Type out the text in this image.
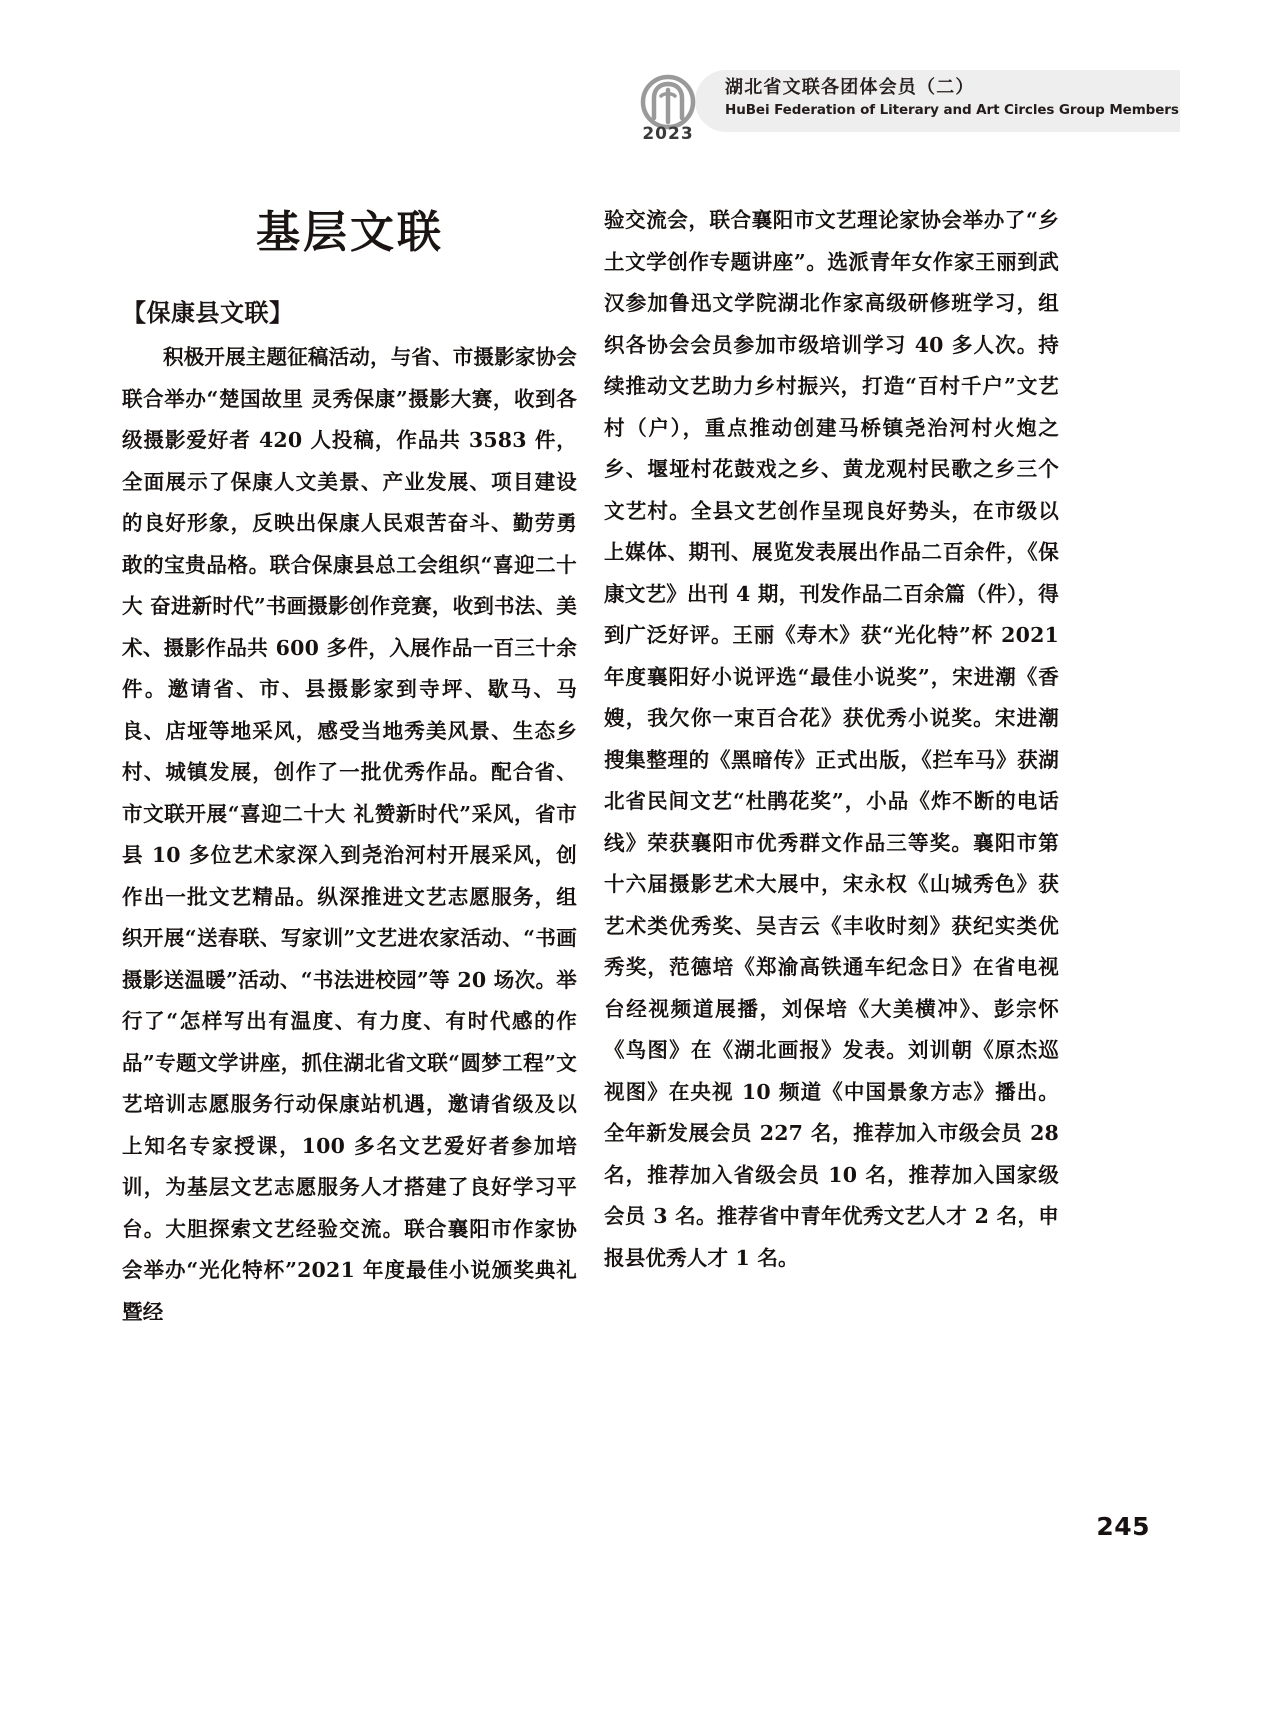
2023
湖北省文联各团体会员（二）
HuBei Federation of Literary and Art Circles Group Members
基层文联
【保康县文联】

积极开展主题征稿活动，与省、市摄影家协会联合举办“楚国故里 灵秀保康”摄影大赛，收到各级摄影爱好者 420 人投稿，作品共 3583 件，全面展示了保康人文美景、产业发展、项目建设的良好形象，反映出保康人民艰苦奋斗、勤劳勇敢的宝贵品格。联合保康县总工会组织“喜迎二十大 奋进新时代”书画摄影创作竞赛，收到书法、美术、摄影作品共 600 多件，入展作品一百三十余件。邀请省、市、县摄影家到寺坪、歇马、马良、店垭等地采风，感受当地秀美风景、生态乡村、城镇发展，创作了一批优秀作品。配合省、市文联开展“喜迎二十大 礼赞新时代”采风，省市县 10 多位艺术家深入到尧治河村开展采风，创作出一批文艺精品。纵深推进文艺志愿服务，组织开展“送春联、写家训”文艺进农家活动、“书画摄影送温暖”活动、“书法进校园”等 20 场次。举行了“怎样写出有温度、有力度、有时代感的作品”专题文学讲座，抓住湖北省文联“圆梦工程”文艺培训志愿服务行动保康站机遇，邀请省级及以上知名专家授课，100 多名文艺爱好者参加培训，为基层文艺志愿服务人才搭建了良好学习平台。大胆探索文艺经验交流。联合襄阳市作家协会举办“光化特杯”2021 年度最佳小说颁奖典礼暨经

验交流会，联合襄阳市文艺理论家协会举办了“乡土文学创作专题讲座”。选派青年女作家王丽到武汉参加鲁迅文学院湖北作家高级研修班学习，组织各协会会员参加市级培训学习 40 多人次。持续推动文艺助力乡村振兴，打造“百村千户”文艺村（户），重点推动创建马桥镇尧治河村火炮之乡、堰垭村花鼓戏之乡、黄龙观村民歌之乡三个文艺村。全县文艺创作呈现良好势头，在市级以上媒体、期刊、展览发表展出作品二百余件，《保康文艺》出刊 4 期，刊发作品二百余篇（件），得到广泛好评。王丽《寿木》获“光化特”杯 2021 年度襄阳好小说评选“最佳小说奖”，宋进潮《香嫂，我欠你一束百合花》获优秀小说奖。宋进潮搜集整理的《黑暗传》正式出版，《拦车马》获湖北省民间文艺“杜鹃花奖”，小品《炸不断的电话线》荣获襄阳市优秀群文作品三等奖。襄阳市第十六届摄影艺术大展中，宋永权《山城秀色》获艺术类优秀奖、吴吉云《丰收时刻》获纪实类优秀奖，范德培《郑渝高铁通车纪念日》在省电视台经视频道展播，刘保培《大美横冲》、彭宗怀《鸟图》在《湖北画报》发表。刘训朝《原杰巡视图》在央视 10 频道《中国景象方志》播出。全年新发展会员 227 名，推荐加入市级会员 28 名，推荐加入省级会员 10 名，推荐加入国家级会员 3 名。推荐省中青年优秀文艺人才 2 名，申报县优秀人才 1 名。

245
